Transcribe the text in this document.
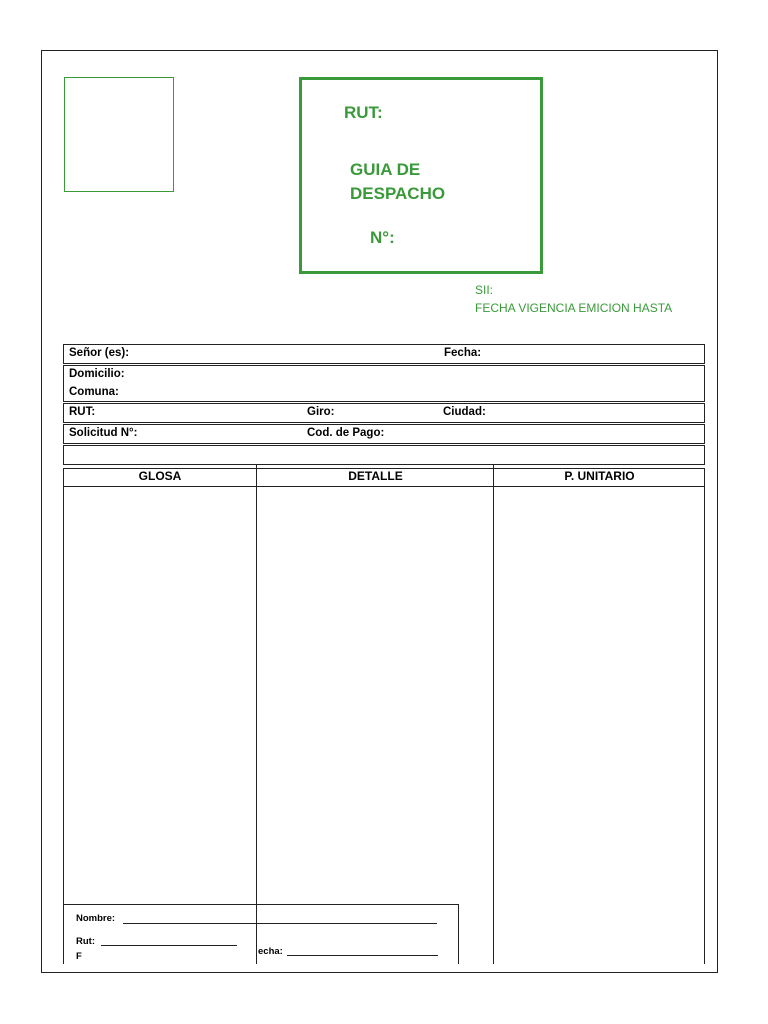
RUT:
GUIA DE
DESPACHO
N°:
SII:
FECHA VIGENCIA EMICION HASTA
Señor (es):	Fecha:
Domicilio:
Comuna:
RUT:	Giro:	Ciudad:
Solicitud N°:	Cod. de Pago:
GLOSA	DETALLE	P. UNITARIO
Nombre:
Rut:
F	echa:
